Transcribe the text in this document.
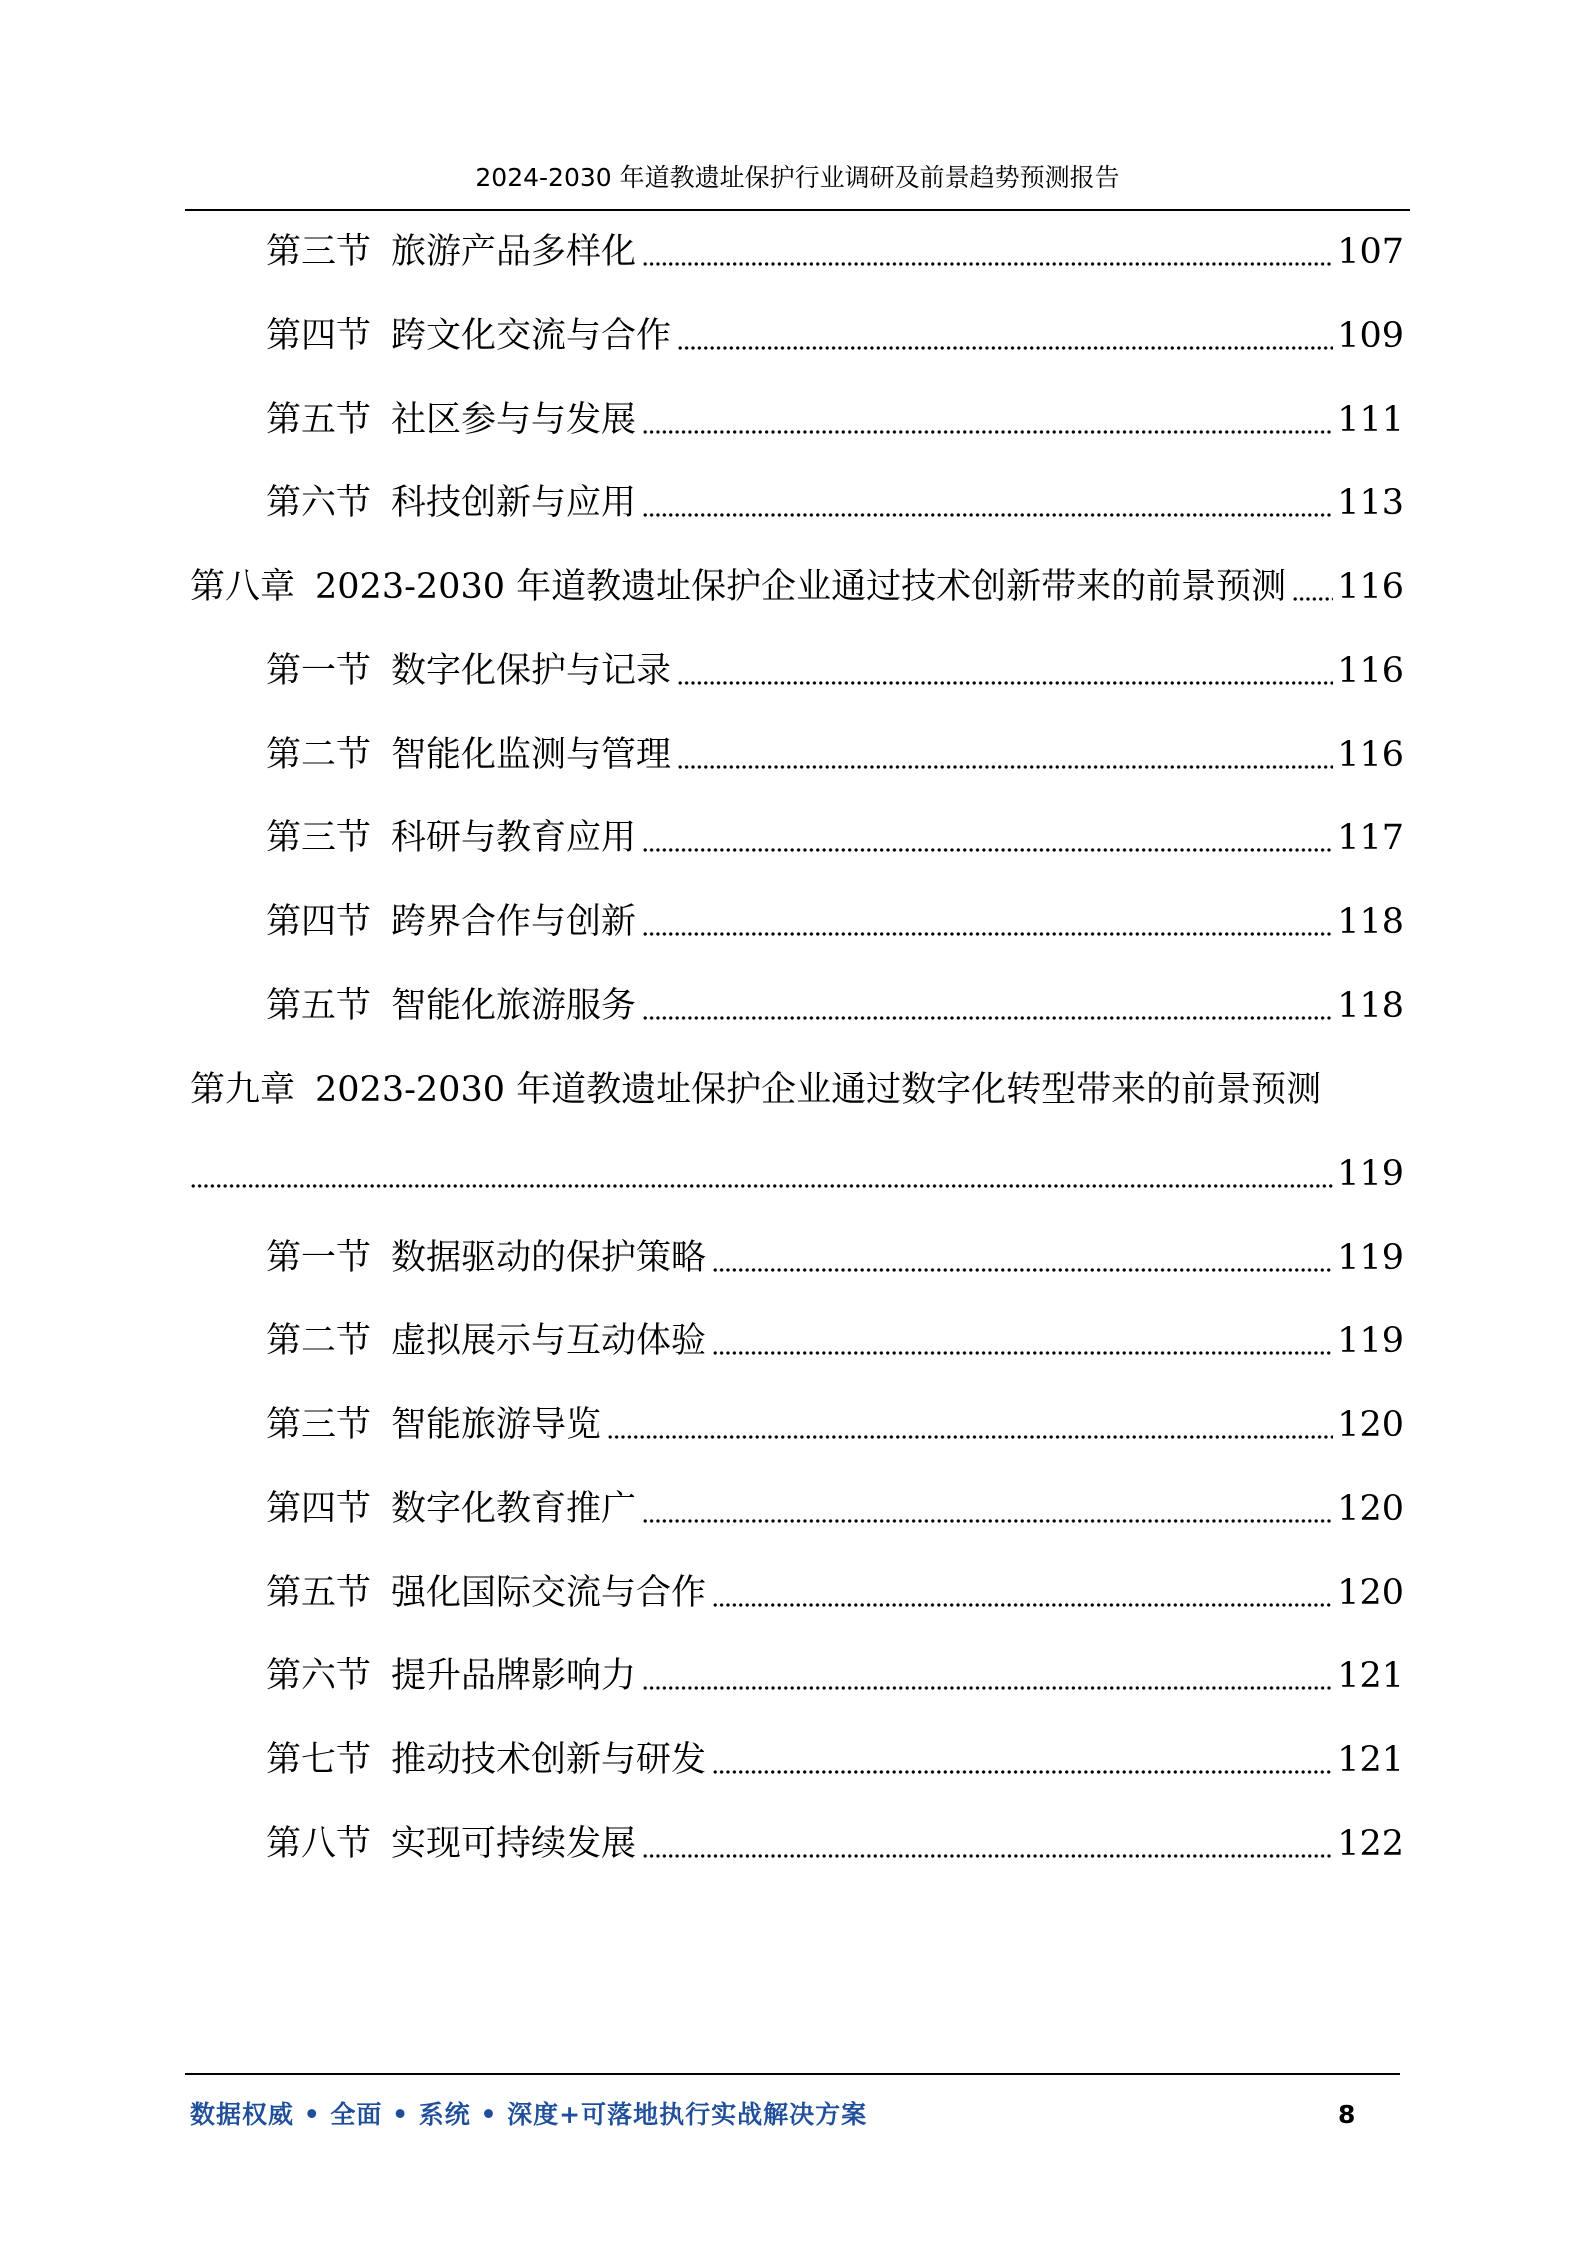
2024-2030 年道教遗址保护行业调研及前景趋势预测报告
第三节 旅游产品多样化	107
第四节 跨文化交流与合作	109
第五节 社区参与与发展	111
第六节 科技创新与应用	113
第八章 2023-2030 年道教遗址保护企业通过技术创新带来的前景预测 116
第一节 数字化保护与记录	116
第二节 智能化监测与管理	116
第三节 科研与教育应用	117
第四节 跨界合作与创新	118
第五节 智能化旅游服务	118
第九章 2023-2030 年道教遗址保护企业通过数字化转型带来的前景预测
119
第一节 数据驱动的保护策略	119
第二节 虚拟展示与互动体验	119
第三节 智能旅游导览	120
第四节 数字化教育推广	120
第五节 强化国际交流与合作	120
第六节 提升品牌影响力	121
第七节 推动技术创新与研发	121
第八节 实现可持续发展	122
数据权威 • 全面 • 系统 • 深度+可落地执行实战解决方案	8
